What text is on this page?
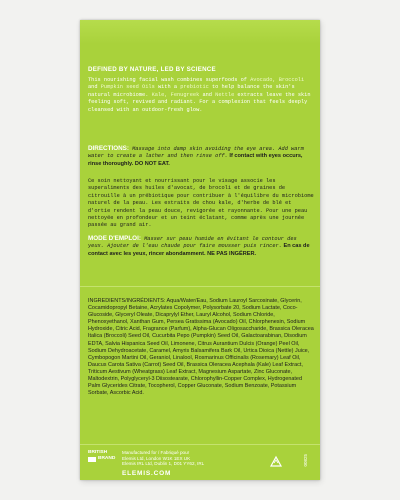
DEFINED BY NATURE, LED BY SCIENCE
This nourishing facial wash combines superfoods of Avocado, Broccoli and Pumpkin seed Oils with a prebiotic to help balance the skin's natural microbiome. Kale, Fenugreek and Nettle extracts leave the skin feeling soft, revived and radiant. For a complexion that feels deeply cleansed with an outdoor-fresh glow.
DIRECTIONS: Massage into damp skin avoiding the eye area. Add warm water to create a lather and then rinse off. If contact with eyes occurs, rinse thoroughly. DO NOT EAT.
Ce soin nettoyant et nourrissant pour le visage associe les superaliments des huiles d'avocat, de brocoli et de graines de citrouille à un prébiotique pour contribuer à l'équilibre du microbiome naturel de la peau. Les extraits de chou kale, d'herbe de blé et d'ortie rendent la peau douce, revigorée et rayonnante. Pour une peau nettoyée en profondeur et un teint éclatant, comme après une journée passée au grand air.
MODE D'EMPLOI: Masser sur peau humide en évitant le contour des yeux. Ajouter de l'eau chaude pour faire mousser puis rincer. En cas de contact avec les yeux, rincer abondamment. NE PAS INGÉRER.
INGREDIENTS/INGRÉDIENTS: Aqua/Water/Eau, Sodium Lauroyl Sarcosinate, Glycerin, Cocamidopropyl Betaine, Acrylates Copolymer, Polysorbate 20, Sodium Lactate, Coco-Glucoside, Glyceryl Oleate, Dicaprylyl Ether, Lauryl Alcohol, Sodium Chloride, Phenoxyethanol, Xanthan Gum, Persea Gratissima (Avocado) Oil, Chlorphenesin, Sodium Hydroxide, Citric Acid, Fragrance (Parfum), Alpha-Glucan Oligosaccharide, Brassica Oleracea Italica (Broccoli) Seed Oil, Cucurbita Pepo (Pumpkin) Seed Oil, Galactoarabinan, Disodium EDTA, Salvia Hispanica Seed Oil, Limonene, Citrus Aurantium Dulcis (Orange) Peel Oil, Sodium Dehydroacetate, Caramel, Amyris Balsamifera Bark Oil, Urtica Dioica (Nettle) Juice, Cymbopogon Martini Oil, Geraniol, Linalool, Rosmarinus Officinalis (Rosemary) Leaf Oil, Daucus Carota Sativa (Carrot) Seed Oil, Brassica Oleracea Acephala (Kale) Leaf Extract, Triticum Aestivum (Wheatgrass) Leaf Extract, Magnesium Aspartate, Zinc Gluconate, Maltodextrin, Polyglyceryl-3 Diisostearate, Chlorophyllin-Copper Complex, Hydrogenated Palm Glycerides Citrate, Tocopherol, Copper Gluconate, Sodium Benzoate, Potassium Sorbate, Ascorbic Acid.
BRITISH
BRAND
Manufactured for / Fabriqué pour
Elemis Ltd, London W1K 1EX UK
Elemis IRL Ltd, Dublin 1, D01 YY62, IRL
ELEMIS.COM
00825
